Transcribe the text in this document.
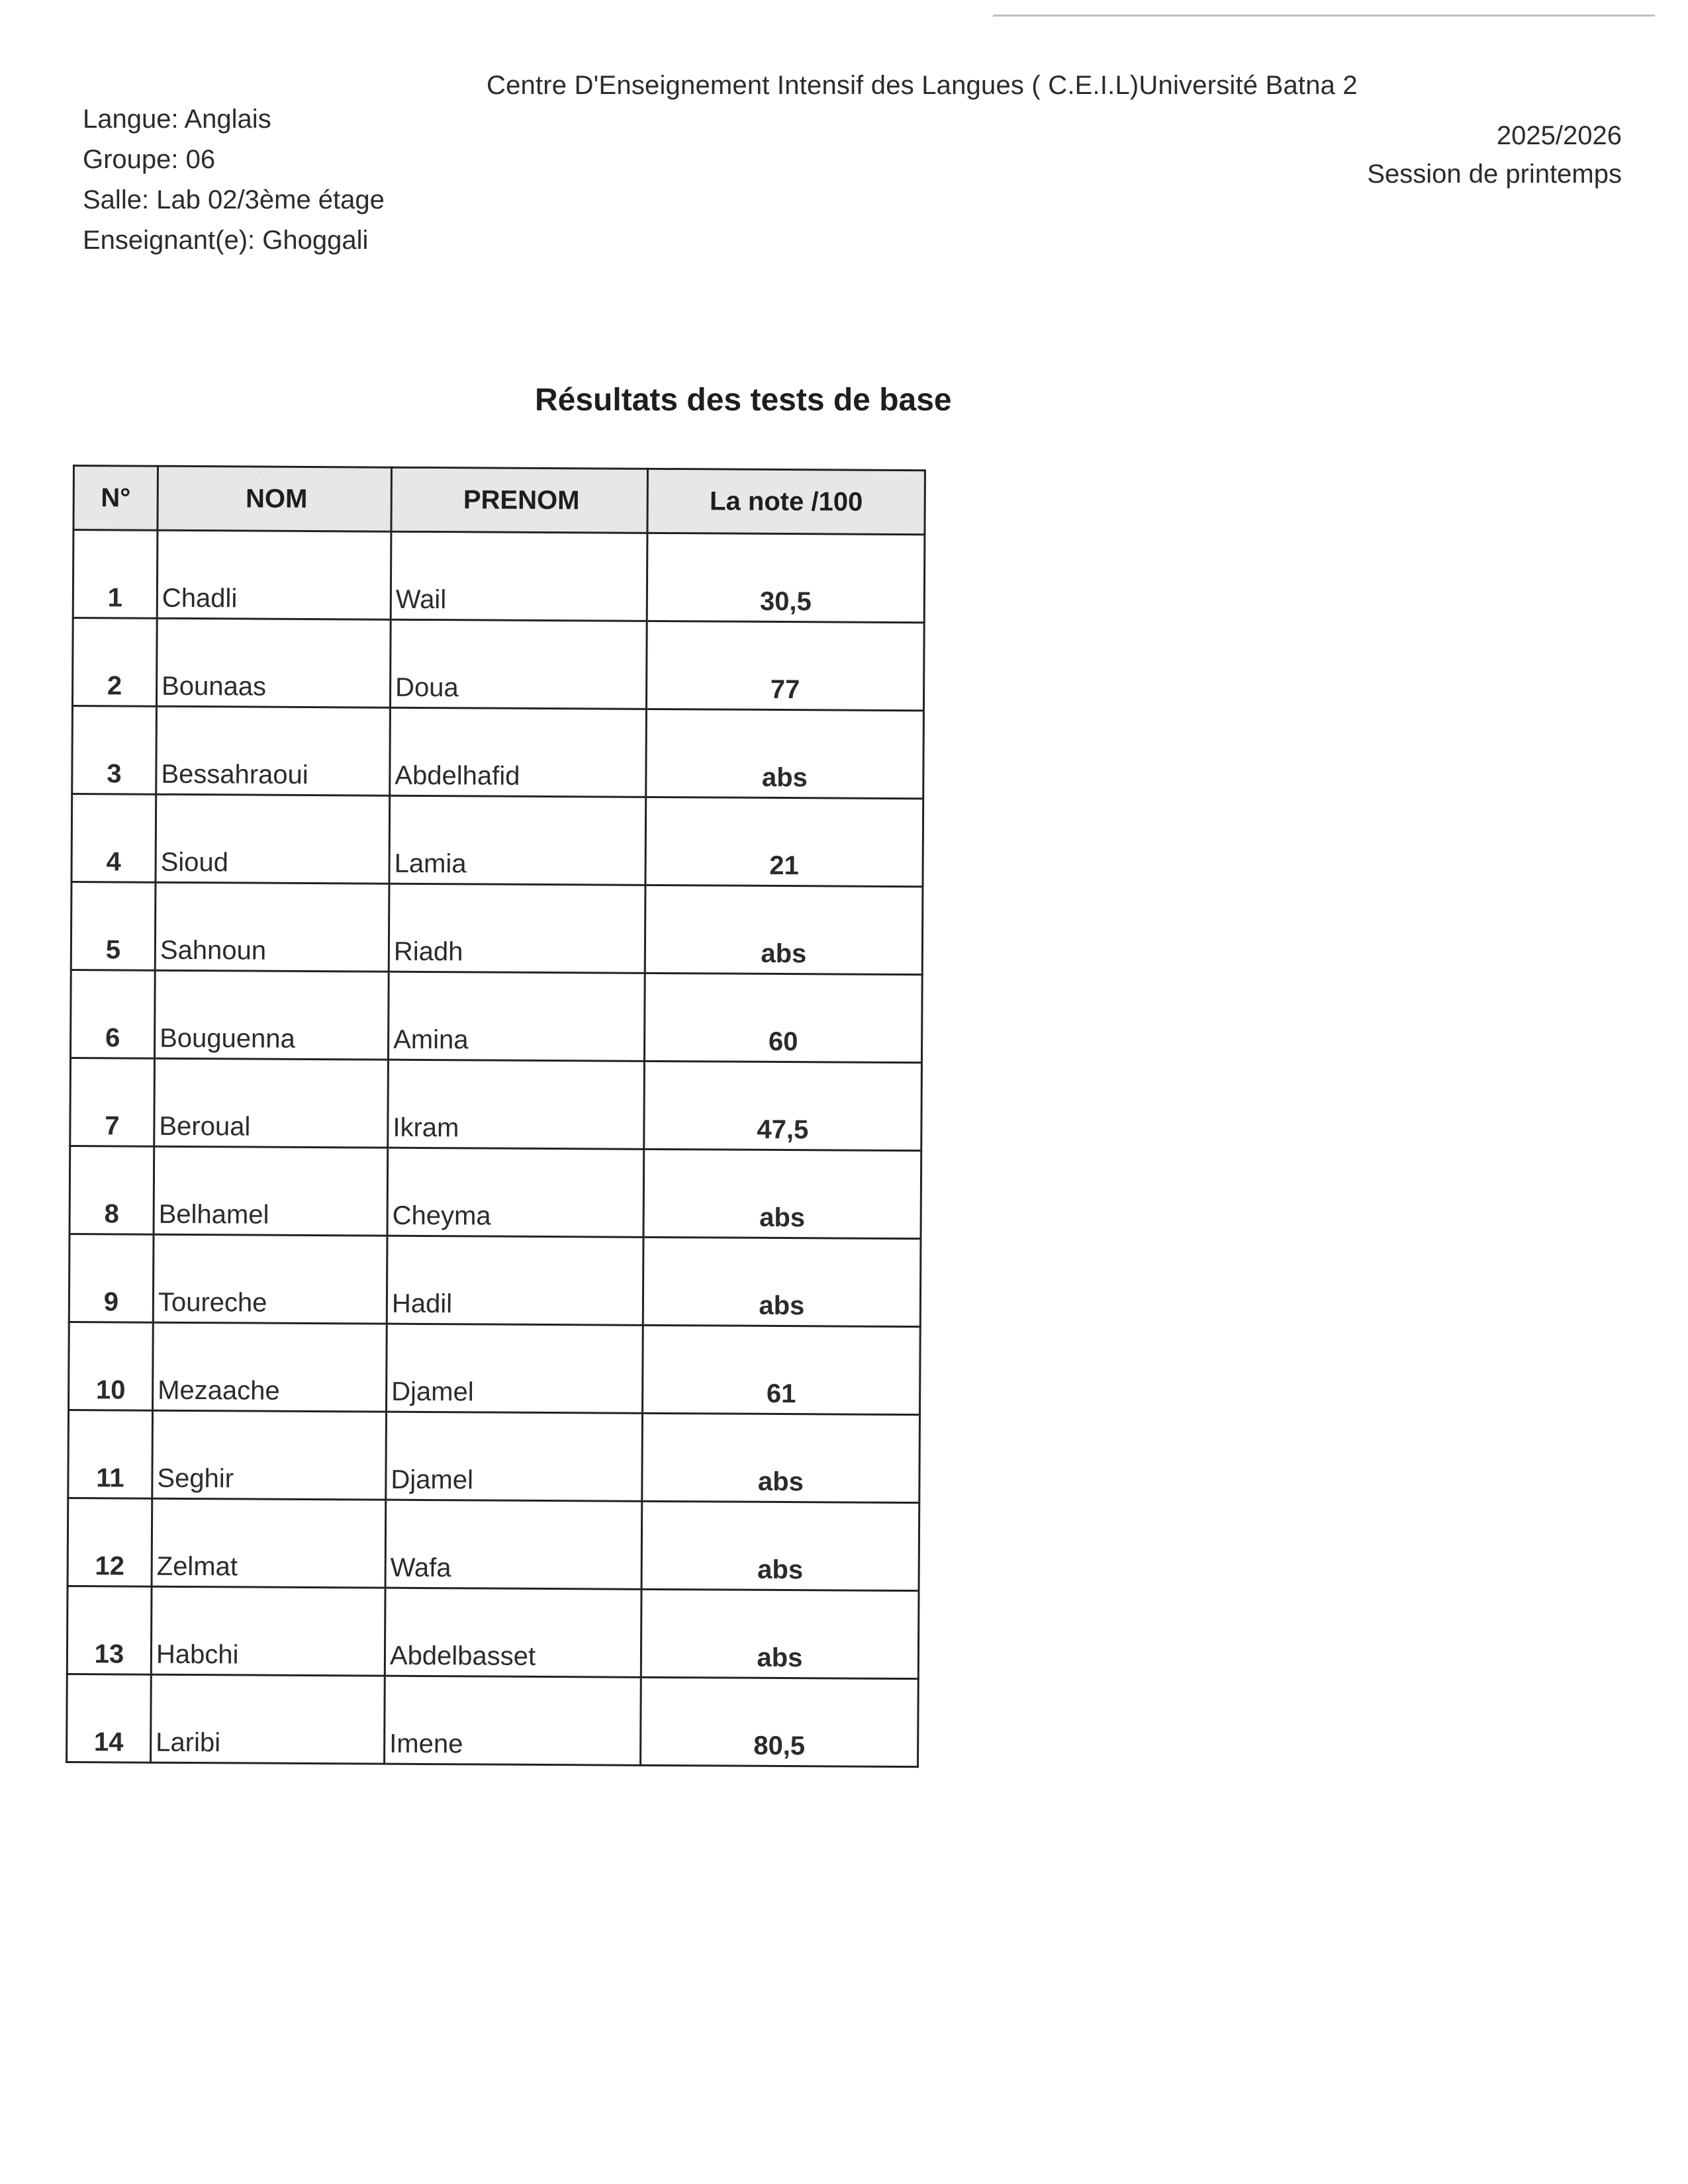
Centre D'Enseignement Intensif des Langues ( C.E.I.L)Université Batna 2
Langue: Anglais
Groupe: 06
Salle: Lab 02/3ème étage
Enseignant(e): Ghoggali
2025/2026
Session de printemps
Résultats des tests de base
N°	NOM	PRENOM	La note /100
1	Chadli	Wail	30,5
2	Bounaas	Doua	77
3	Bessahraoui	Abdelhafid	abs
4	Sioud	Lamia	21
5	Sahnoun	Riadh	abs
6	Bouguenna	Amina	60
7	Beroual	Ikram	47,5
8	Belhamel	Cheyma	abs
9	Toureche	Hadil	abs
10	Mezaache	Djamel	61
11	Seghir	Djamel	abs
12	Zelmat	Wafa	abs
13	Habchi	Abdelbasset	abs
14	Laribi	Imene	80,5
